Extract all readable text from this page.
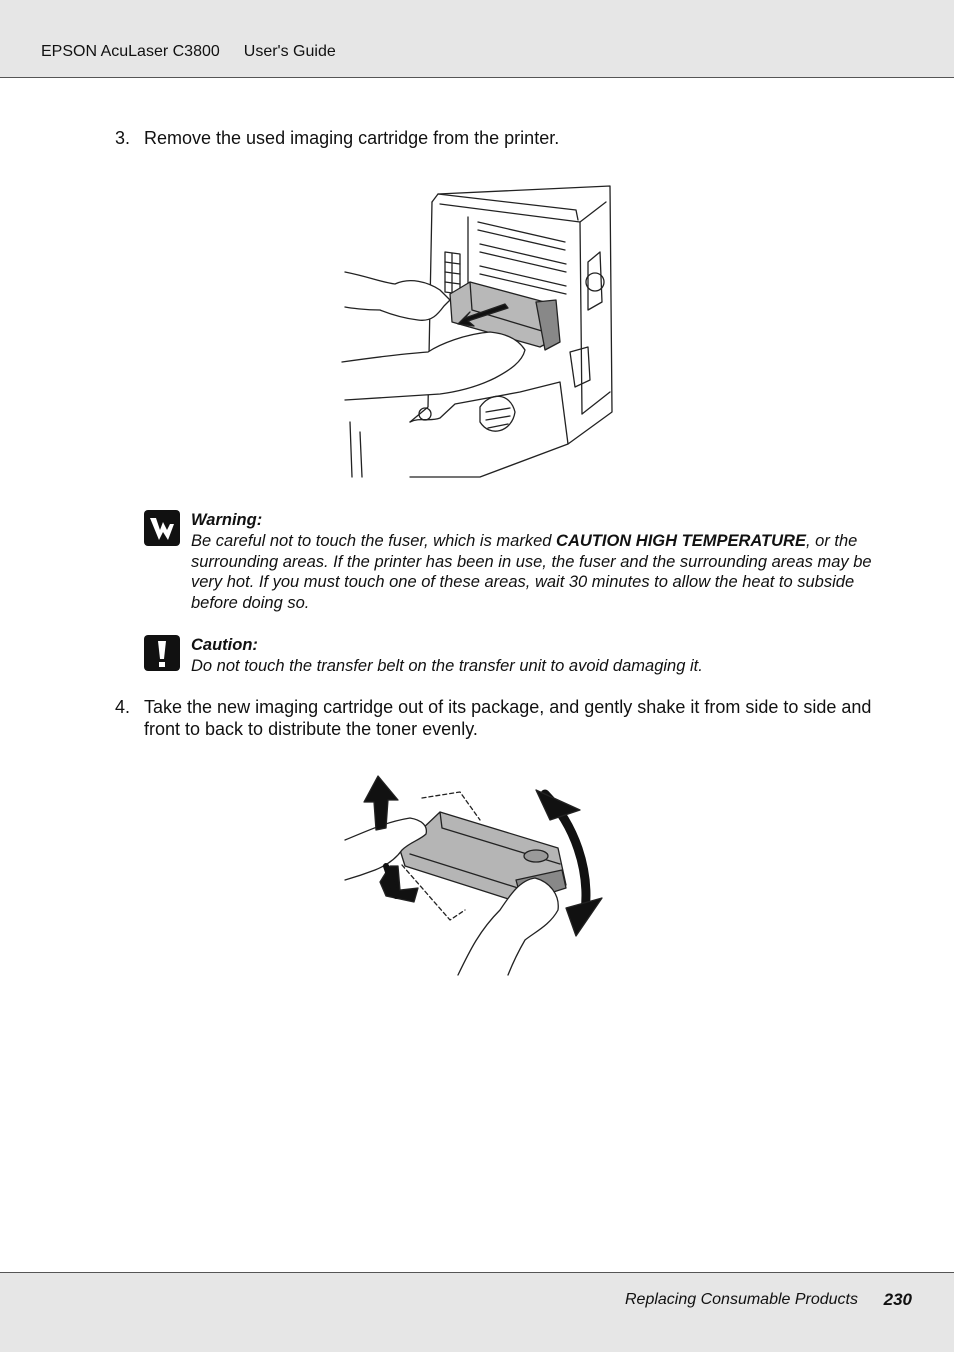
EPSON AcuLaser C3800 User's Guide
3. Remove the used imaging cartridge from the printer.
Warning:
Be careful not to touch the fuser, which is marked CAUTION HIGH TEMPERATURE, or the surrounding areas. If the printer has been in use, the fuser and the surrounding areas may be very hot. If you must touch one of these areas, wait 30 minutes to allow the heat to subside before doing so.
Caution:
Do not touch the transfer belt on the transfer unit to avoid damaging it.
4. Take the new imaging cartridge out of its package, and gently shake it from side to side and front to back to distribute the toner evenly.
Replacing Consumable Products 230
